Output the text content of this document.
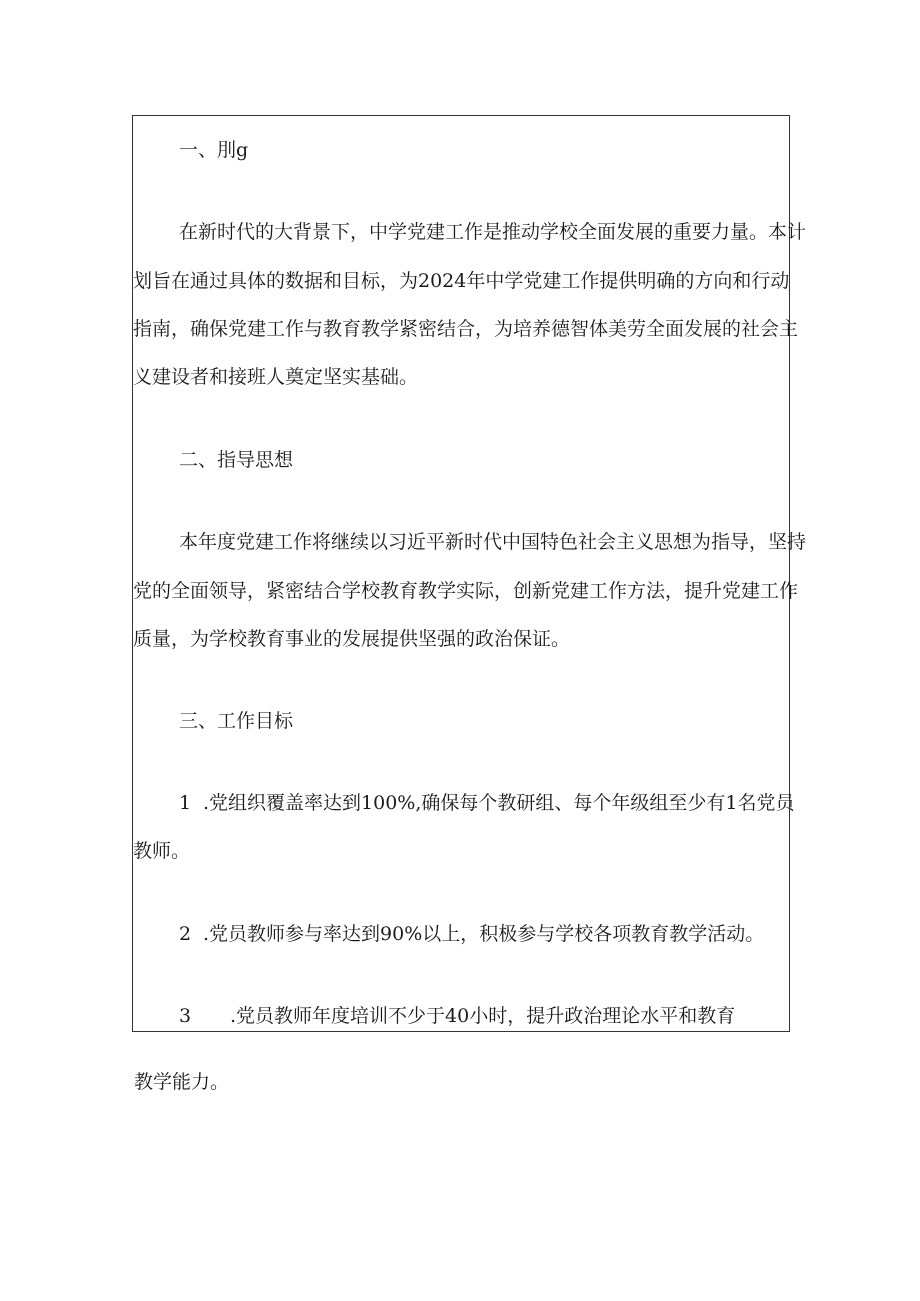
一、刖g
在新时代的大背景下，中学党建工作是推动学校全面发展的重要力量。本计
划旨在通过具体的数据和目标，为2024年中学党建工作提供明确的方向和行动
指南，确保党建工作与教育教学紧密结合，为培养德智体美劳全面发展的社会主
义建设者和接班人奠定坚实基础。
二、指导思想
本年度党建工作将继续以习近平新时代中国特色社会主义思想为指导，坚持
党的全面领导，紧密结合学校教育教学实际，创新党建工作方法，提升党建工作
质量，为学校教育事业的发展提供坚强的政治保证。
三、工作目标
1 .党组织覆盖率达到100%,确保每个教研组、每个年级组至少有1名党员
教师。
2 .党员教师参与率达到90%以上，积极参与学校各项教育教学活动。
3 .党员教师年度培训不少于40小时，提升政治理论水平和教育
教学能力。
